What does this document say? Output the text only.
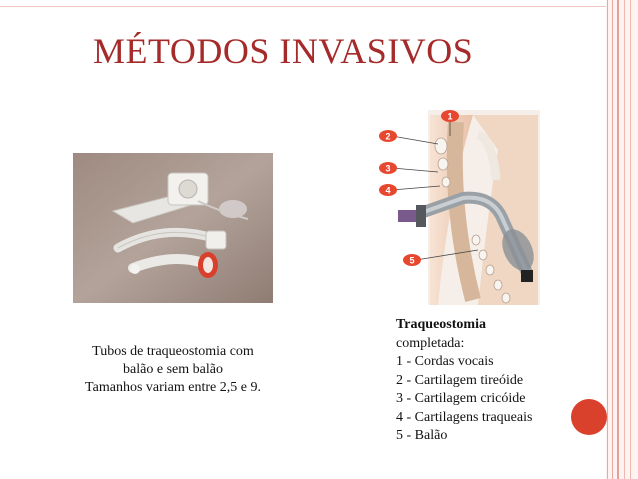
MÉTODOS INVASIVOS
1
2
3
4
5
Tubos de traqueostomia com
balão e sem balão
Tamanhos variam entre 2,5 e 9.
Traqueostomia
completada:
1 - Cordas vocais
2 - Cartilagem tireóide
3 - Cartilagem cricóide
4 - Cartilagens traqueais
5 - Balão
